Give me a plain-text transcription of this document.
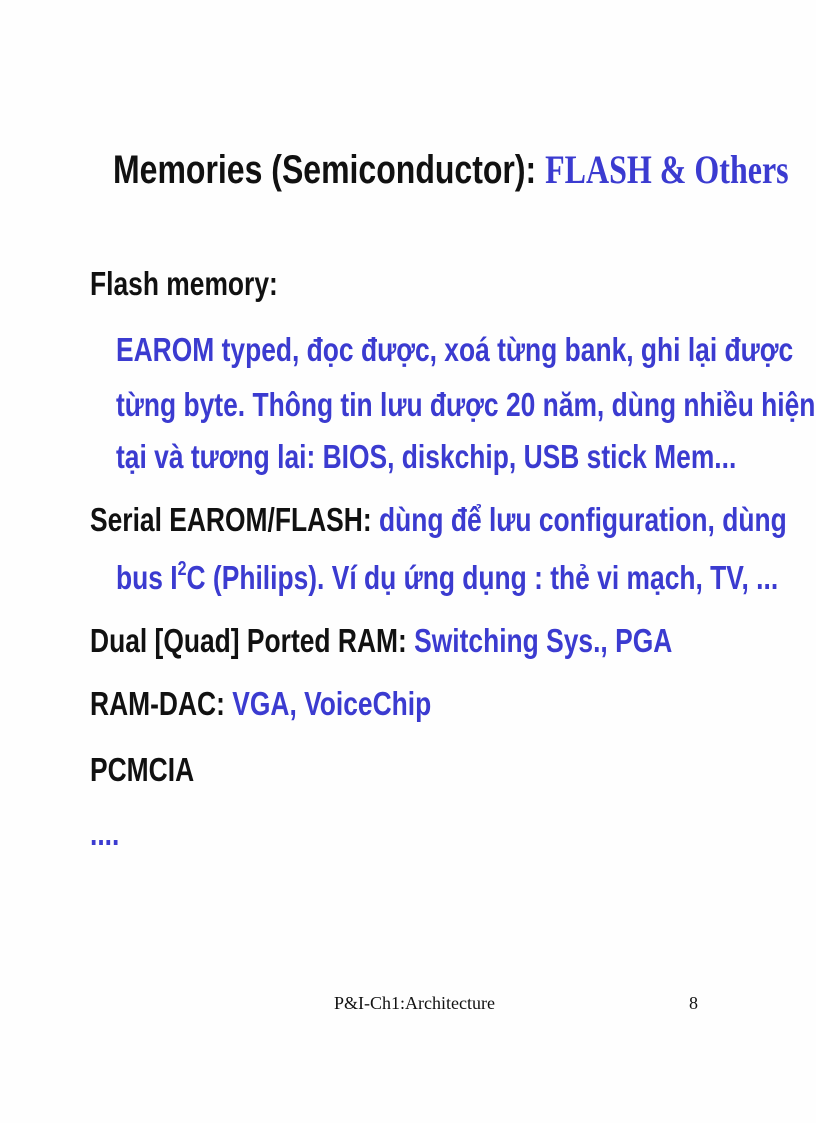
Memories (Semiconductor): FLASH & Others
Flash memory:
EAROM typed, đọc được, xoá từng bank, ghi lại được
từng byte. Thông tin lưu được 20 năm, dùng nhiều hiện
tại và tương lai: BIOS, diskchip, USB stick Mem...
Serial EAROM/FLASH: dùng để lưu configuration, dùng
bus $I^2C$ (Philips). Ví dụ ứng dụng : thẻ vi mạch, TV, ...
Dual [Quad] Ported RAM: Switching Sys., PGA
RAM-DAC: VGA, VoiceChip
PCMCIA
....
P&I-Ch1:Architecture	8
